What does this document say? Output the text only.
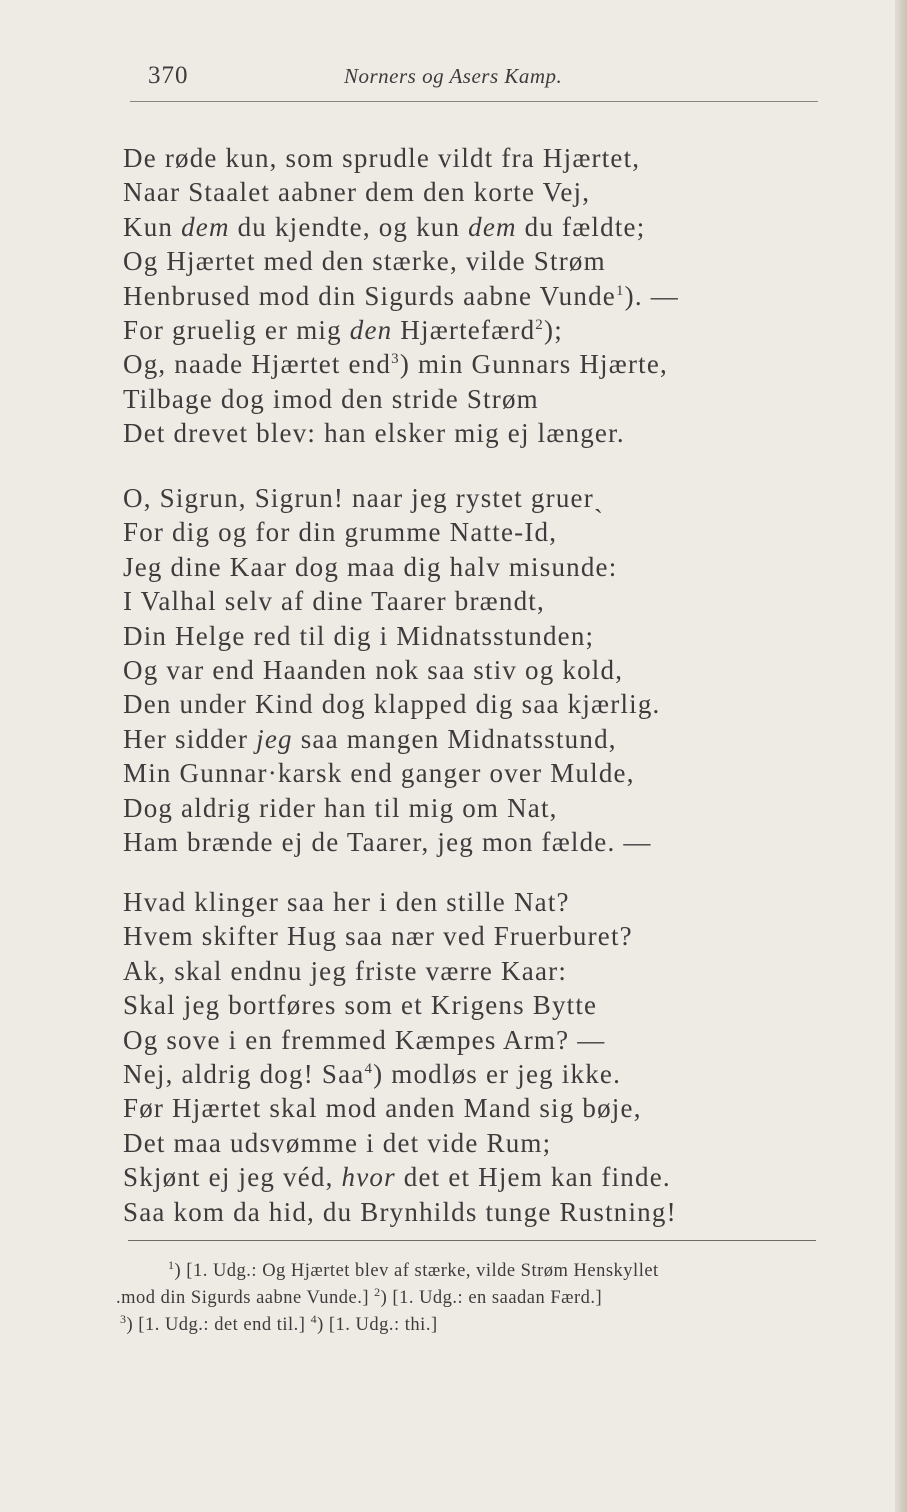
370	Norners og Asers Kamp.
De røde kun, som sprudle vildt fra Hjærtet,
Naar Staalet aabner dem den korte Vej,
Kun dem du kjendte, og kun dem du fældte;
Og Hjærtet med den stærke, vilde Strøm
Henbrused mod din Sigurds aabne Vunde$^1$). —
For gruelig er mig den Hjærtefærd$^2$);
Og, naade Hjærtet end$^3$) min Gunnars Hjærte,
Tilbage dog imod den stride Strøm
Det drevet blev: han elsker mig ej længer.
O, Sigrun, Sigrun! naar jeg rystet gruerˎ
For dig og for din grumme Natte-Id,
Jeg dine Kaar dog maa dig halv misunde:
I Valhal selv af dine Taarer brændt,
Din Helge red til dig i Midnatsstunden;
Og var end Haanden nok saa stiv og kold,
Den under Kind dog klapped dig saa kjærlig.
Her sidder jeg saa mangen Midnatsstund,
Min Gunnar·karsk end ganger over Mulde,
Dog aldrig rider han til mig om Nat,
Ham brænde ej de Taarer, jeg mon fælde. —
Hvad klinger saa her i den stille Nat?
Hvem skifter Hug saa nær ved Fruerburet?
Ak, skal endnu jeg friste værre Kaar:
Skal jeg bortføres som et Krigens Bytte
Og sove i en fremmed Kæmpes Arm? —
Nej, aldrig dog! Saa$^4$) modløs er jeg ikke.
Før Hjærtet skal mod anden Mand sig bøje,
Det maa udsvømme i det vide Rum;
Skjønt ej jeg véd, hvor det et Hjem kan finde.
Saa kom da hid, du Brynhilds tunge Rustning!
$^1$) [1. Udg.: Og Hjærtet blev af stærke, vilde Strøm Henskyllet
.mod din Sigurds aabne Vunde.] $^2$) [1. Udg.: en saadan Færd.]
$^3$) [1. Udg.: det end til.] $^4$) [1. Udg.: thi.]
